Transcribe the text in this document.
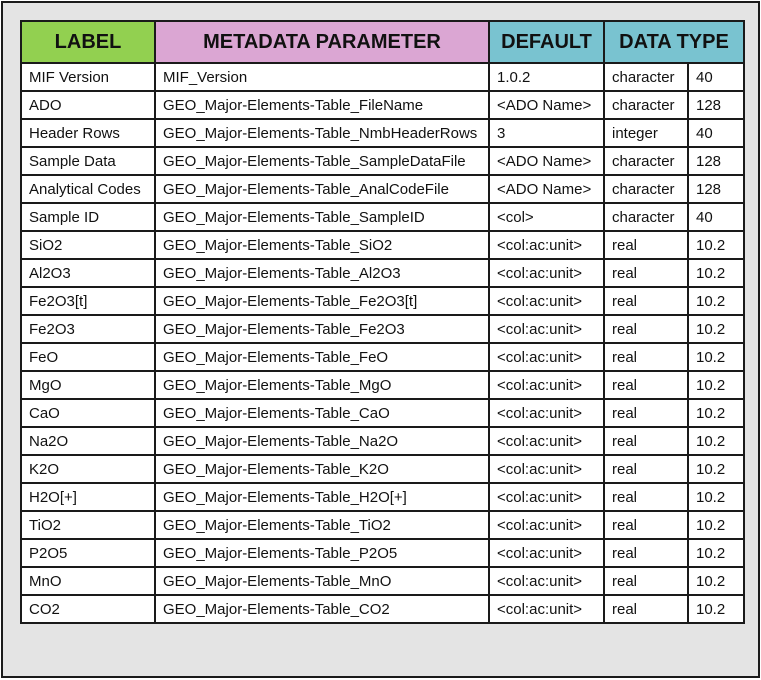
LABEL	METADATA PARAMETER	DEFAULT	DATA TYPE	
MIF Version	MIF_Version	1.0.2	character	40
ADO	GEO_Major-Elements-Table_FileName	<ADO Name>	character	128
Header Rows	GEO_Major-Elements-Table_NmbHeaderRows	3	integer	40
Sample Data	GEO_Major-Elements-Table_SampleDataFile	<ADO Name>	character	128
Analytical Codes	GEO_Major-Elements-Table_AnalCodeFile	<ADO Name>	character	128
Sample ID	GEO_Major-Elements-Table_SampleID	<col>	character	40
SiO2	GEO_Major-Elements-Table_SiO2	<col:ac:unit>	real	10.2
Al2O3	GEO_Major-Elements-Table_Al2O3	<col:ac:unit>	real	10.2
Fe2O3[t]	GEO_Major-Elements-Table_Fe2O3[t]	<col:ac:unit>	real	10.2
Fe2O3	GEO_Major-Elements-Table_Fe2O3	<col:ac:unit>	real	10.2
FeO	GEO_Major-Elements-Table_FeO	<col:ac:unit>	real	10.2
MgO	GEO_Major-Elements-Table_MgO	<col:ac:unit>	real	10.2
CaO	GEO_Major-Elements-Table_CaO	<col:ac:unit>	real	10.2
Na2O	GEO_Major-Elements-Table_Na2O	<col:ac:unit>	real	10.2
K2O	GEO_Major-Elements-Table_K2O	<col:ac:unit>	real	10.2
H2O[+]	GEO_Major-Elements-Table_H2O[+]	<col:ac:unit>	real	10.2
TiO2	GEO_Major-Elements-Table_TiO2	<col:ac:unit>	real	10.2
P2O5	GEO_Major-Elements-Table_P2O5	<col:ac:unit>	real	10.2
MnO	GEO_Major-Elements-Table_MnO	<col:ac:unit>	real	10.2
CO2	GEO_Major-Elements-Table_CO2	<col:ac:unit>	real	10.2
